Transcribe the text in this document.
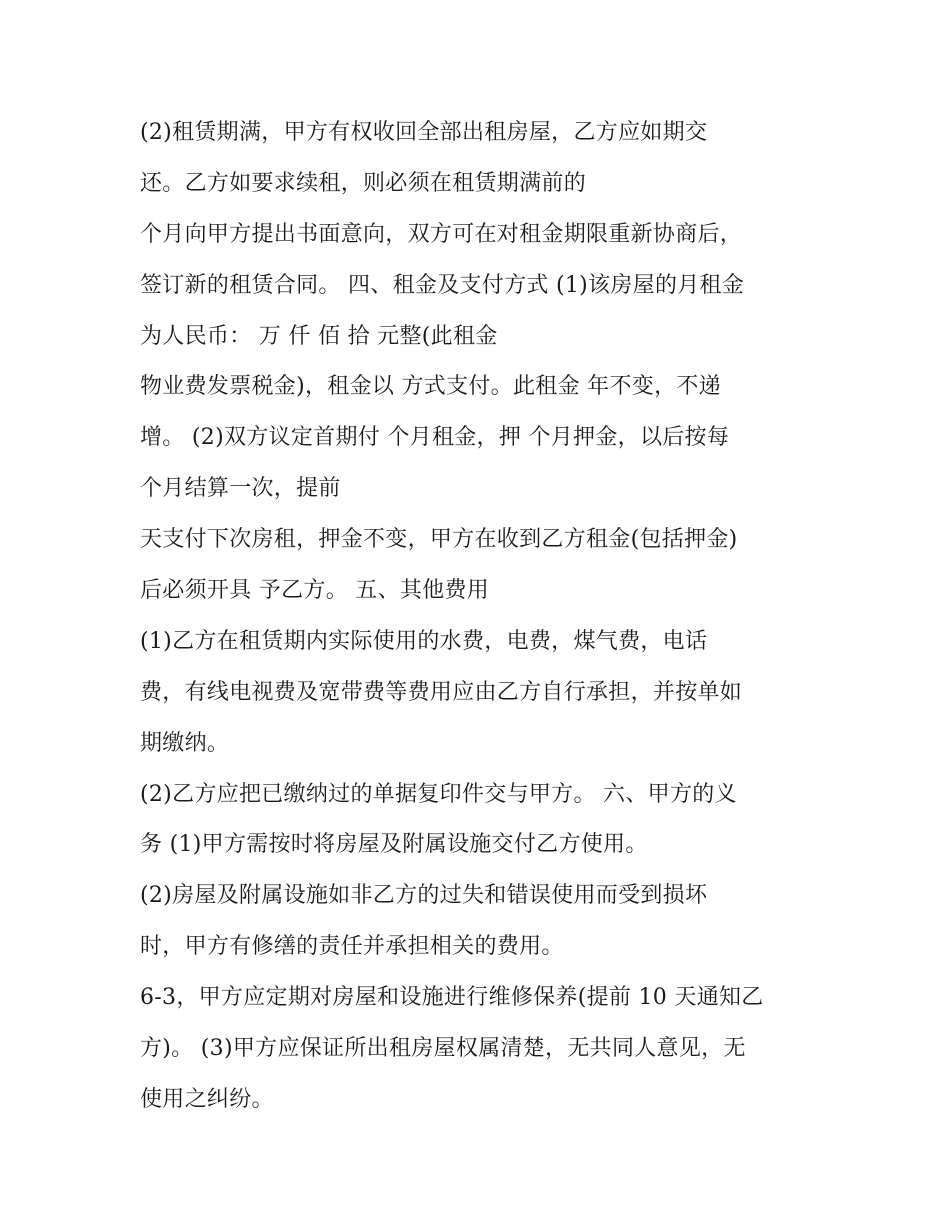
(2)租赁期满，甲方有权收回全部出租房屋，乙方应如期交
还。乙方如要求续租，则必须在租赁期满前的
个月向甲方提出书面意向，双方可在对租金期限重新协商后，
签订新的租赁合同。 四、租金及支付方式 (1)该房屋的月租金
为人民币： 万 仟 佰 拾 元整(此租金
物业费发票税金)，租金以 方式支付。此租金 年不变，不递
增。 (2)双方议定首期付 个月租金，押 个月押金，以后按每
个月结算一次，提前
天支付下次房租，押金不变，甲方在收到乙方租金(包括押金)
后必须开具 予乙方。 五、其他费用
(1)乙方在租赁期内实际使用的水费，电费，煤气费，电话
费，有线电视费及宽带费等费用应由乙方自行承担，并按单如
期缴纳。
(2)乙方应把已缴纳过的单据复印件交与甲方。 六、甲方的义
务 (1)甲方需按时将房屋及附属设施交付乙方使用。
(2)房屋及附属设施如非乙方的过失和错误使用而受到损坏
时，甲方有修缮的责任并承担相关的费用。
6-3，甲方应定期对房屋和设施进行维修保养(提前 10 天通知乙
方)。 (3)甲方应保证所出租房屋权属清楚，无共同人意见，无
使用之纠纷。
